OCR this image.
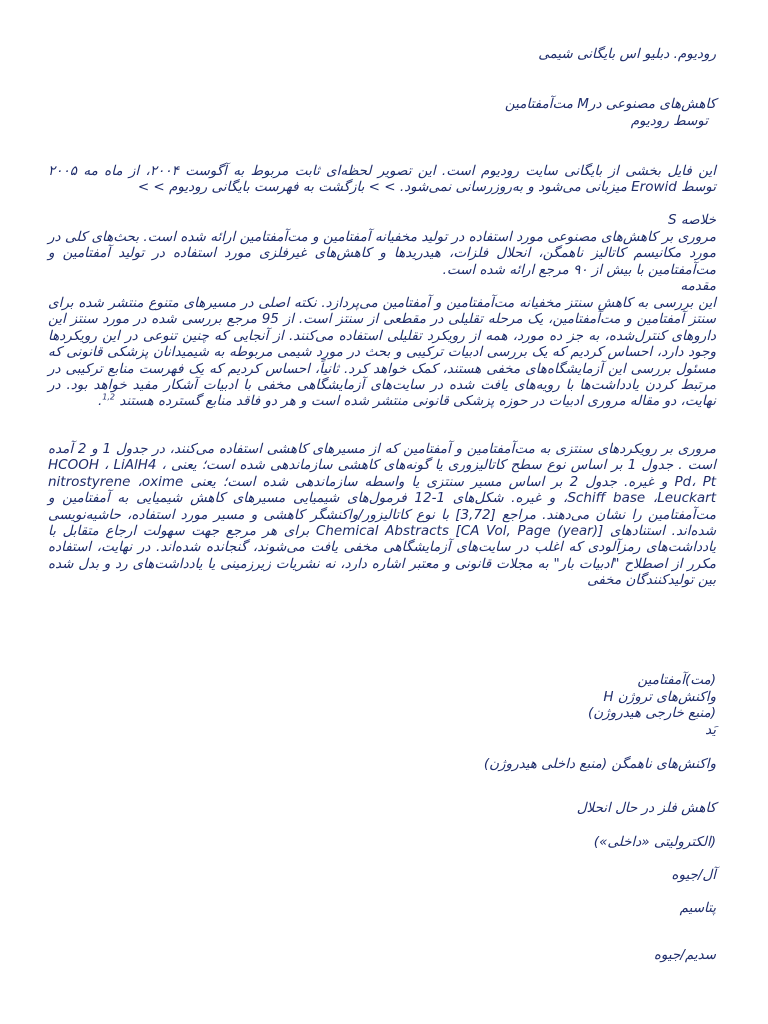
رودیوم. دبلیو اس بایگانی شیمی
کاهش‌های مصنوعی درM مت‌آمفتامین
توسط رودیوم
این فایل بخشی از بایگانی سایت رودیوم است. این تصویر لحظه‌ای ثابت مربوط به آگوست ۲۰۰۴، از ماه مه ۲۰۰۵ توسط Erowid میزبانی می‌شود و به‌روزرسانی نمی‌شود. > > بازگشت به فهرست بایگانی رودیوم > >
خلاصه S
مروری بر کاهش‌های مصنوعی مورد استفاده در تولید مخفیانه آمفتامین و مت‌آمفتامین ارائه شده است. بحث‌های کلی در مورد مکانیسم کاتالیز ناهمگن، انحلال فلزات، هیدریدها و کاهش‌های غیرفلزی مورد استفاده در تولید آمفتامین و مت‌آمفتامین با بیش از ۹۰ مرجع ارائه شده است.
مقدمه
این بررسی به کاهش سنتز مخفیانه مت‌آمفتامین و آمفتامین می‌پردازد. نکته اصلی در مسیرهای متنوع منتشر شده برای سنتز آمفتامین و مت‌آمفتامین، یک مرحله تقلیلی در مقطعی از سنتز است. از 95 مرجع بررسی شده در مورد سنتز این داروهای کنترل‌شده، به جز ده مورد، همه از رویکرد تقلیلی استفاده می‌کنند. از آنجایی که چنین تنوعی در این رویکردها وجود دارد، احساس کردیم که یک بررسی ادبیات ترکیبی و بحث در مورد شیمی مربوطه به شیمیدانان پزشکی قانونی که مسئول بررسی این آزمایشگاه‌های مخفی هستند، کمک خواهد کرد. ثانیاً، احساس کردیم که یک فهرست منابع ترکیبی در مرتبط کردن یادداشت‌ها با رویه‌های یافت شده در سایت‌های آزمایشگاهی مخفی با ادبیات آشکار مفید خواهد بود. در نهایت، دو مقاله مروری ادبیات در حوزه پزشکی قانونی منتشر شده است و هر دو فاقد منابع گسترده هستند $^{1,2}$.
مروری بر رویکردهای سنتزی به مت‌آمفتامین و آمفتامین که از مسیرهای کاهشی استفاده می‌کنند، در جدول 1 و 2 آمده است . جدول 1 بر اساس نوع سطح کاتالیزوری یا گونه‌های کاهشی سازماندهی شده است؛ یعنی HCOOH ، LiAlH4 ، Pd، Pt و غیره. جدول 2 بر اساس مسیر سنتزی یا واسطه سازماندهی شده است؛ یعنی nitrostyrene ،oxime ،Schiff base ،Leuckart و غیره. شکل‌های 1-12 فرمول‌های شیمیایی مسیرهای کاهش شیمیایی به آمفتامین و مت‌آمفتامین را نشان می‌دهند. مراجع [3,72] با نوع کاتالیزور/واکنشگر کاهشی و مسیر مورد استفاده، حاشیه‌نویسی شده‌اند. استنادهای Chemical Abstracts [CA Vol, Page (year)] برای هر مرجع جهت سهولت ارجاع متقابل با یادداشت‌های رمزآلودی که اغلب در سایت‌های آزمایشگاهی مخفی یافت می‌شوند، گنجانده شده‌اند. در نهایت، استفاده مکرر از اصطلاح "ادبیات بار" به مجلات قانونی و معتبر اشاره دارد، نه نشریات زیرزمینی یا یادداشت‌های رد و بدل شده بین تولیدکنندگان مخفی
(مت)آمفتامین
واکنش‌های تروژن H
(منبع خارجی هیدروژن)
یَد
واکنش‌های ناهمگن (منبع داخلی هیدروژن)
کاهش فلز در حال انحلال
(الکترولیتی «داخلی»)
آل/جیوه
پتاسیم
سدیم/جیوه
